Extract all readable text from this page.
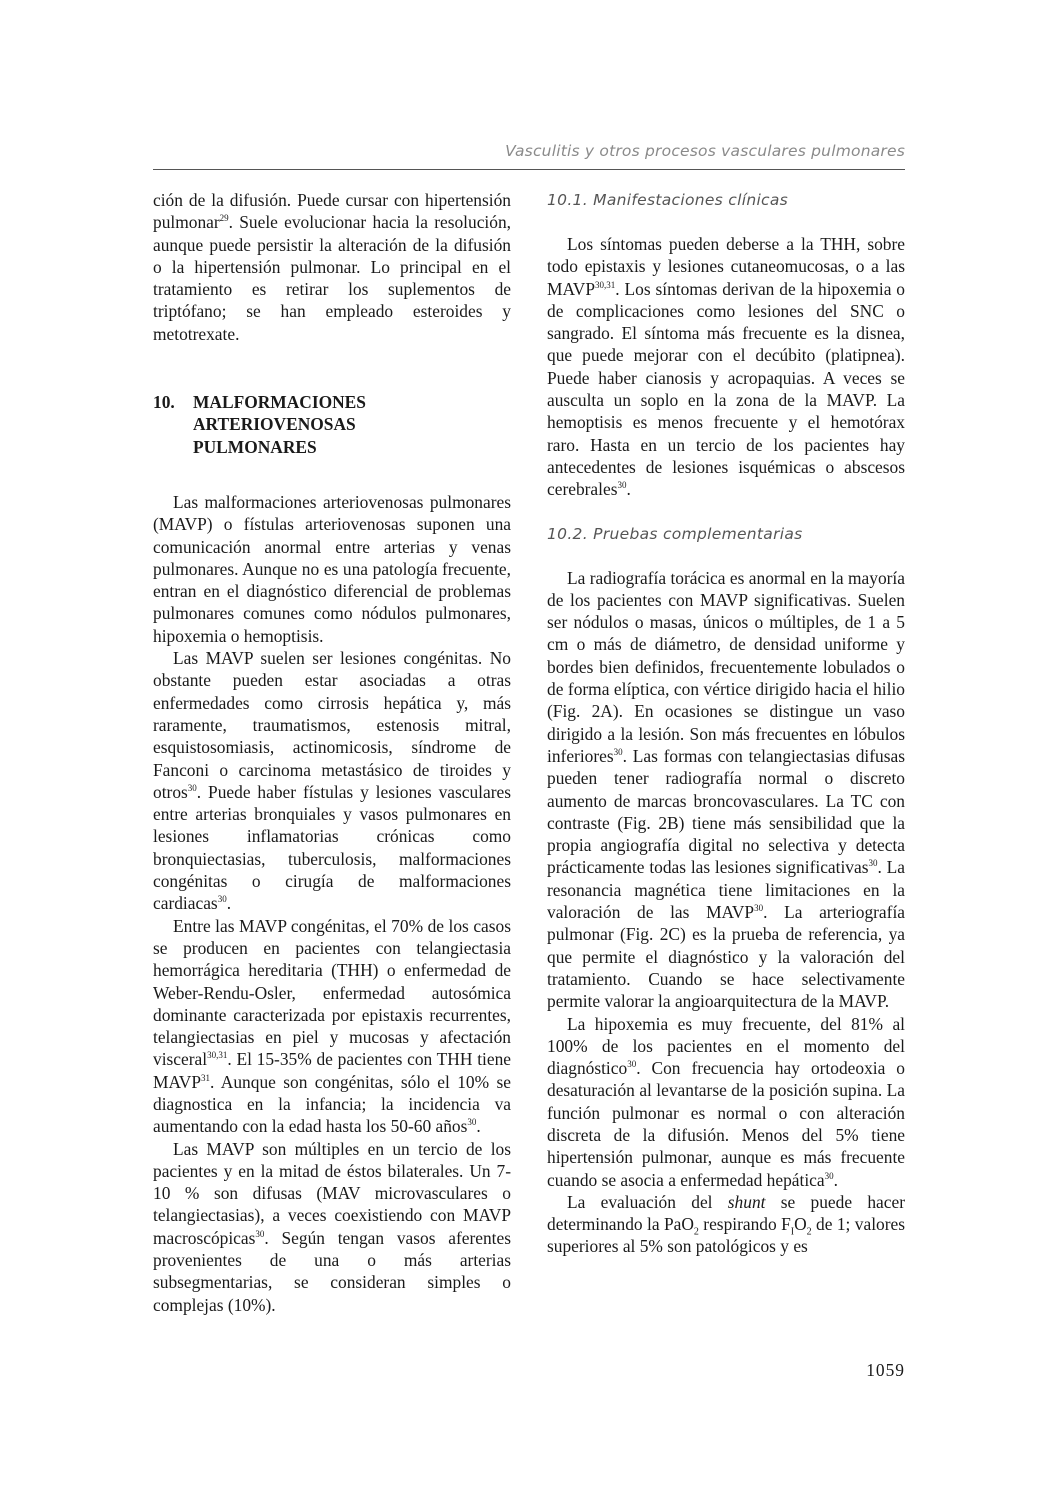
Vasculitis y otros procesos vasculares pulmonares

ción de la difusión. Puede cursar con hipertensión pulmonar$^{29}$. Suele evolucionar hacia la resolución, aunque puede persistir la alteración de la difusión o la hipertensión pulmonar. Lo principal en el tratamiento es retirar los suplementos de triptófano; se han empleado esteroides y metotrexate.

10.	MALFORMACIONES
ARTERIOVENOSAS
PULMONARES

Las malformaciones arteriovenosas pulmonares (MAVP) o fístulas arteriovenosas suponen una comunicación anormal entre arterias y venas pulmonares. Aunque no es una patología frecuente, entran en el diagnóstico diferencial de problemas pulmonares comunes como nódulos pulmonares, hipoxemia o hemoptisis.

Las MAVP suelen ser lesiones congénitas. No obstante pueden estar asociadas a otras enfermedades como cirrosis hepática y, más raramente, traumatismos, estenosis mitral, esquistosomiasis, actinomicosis, síndrome de Fanconi o carcinoma metastásico de tiroides y otros$^{30}$. Puede haber fístulas y lesiones vasculares entre arterias bronquiales y vasos pulmonares en lesiones inflamatorias crónicas como bronquiectasias, tuberculosis, malformaciones congénitas o cirugía de malformaciones cardiacas$^{30}$.

Entre las MAVP congénitas, el 70% de los casos se producen en pacientes con telangiectasia hemorrágica hereditaria (THH) o enfermedad de Weber-Rendu-Osler, enfermedad autosómica dominante caracterizada por epistaxis recurrentes, telangiectasias en piel y mucosas y afectación visceral$^{30,31}$. El 15-35% de pacientes con THH tiene MAVP$^{31}$. Aunque son congénitas, sólo el 10% se diagnostica en la infancia; la incidencia va aumentando con la edad hasta los 50-60 años$^{30}$.

Las MAVP son múltiples en un tercio de los pacientes y en la mitad de éstos bilaterales. Un 7-10 % son difusas (MAV microvasculares o telangiectasias), a veces coexistiendo con MAVP macroscópicas$^{30}$. Según tengan vasos aferentes provenientes de una o más arterias subsegmentarias, se consideran simples o complejas (10%).

10.1. Manifestaciones clínicas

Los síntomas pueden deberse a la THH, sobre todo epistaxis y lesiones cutaneomucosas, o a las MAVP$^{30,31}$. Los síntomas derivan de la hipoxemia o de complicaciones como lesiones del SNC o sangrado. El síntoma más frecuente es la disnea, que puede mejorar con el decúbito (platipnea). Puede haber cianosis y acropaquias. A veces se ausculta un soplo en la zona de la MAVP. La hemoptisis es menos frecuente y el hemotórax raro. Hasta en un tercio de los pacientes hay antecedentes de lesiones isquémicas o abscesos cerebrales$^{30}$.

10.2. Pruebas complementarias

La radiografía torácica es anormal en la mayoría de los pacientes con MAVP significativas. Suelen ser nódulos o masas, únicos o múltiples, de 1 a 5 cm o más de diámetro, de densidad uniforme y bordes bien definidos, frecuentemente lobulados o de forma elíptica, con vértice dirigido hacia el hilio (Fig. 2A). En ocasiones se distingue un vaso dirigido a la lesión. Son más frecuentes en lóbulos inferiores$^{30}$. Las formas con telangiectasias difusas pueden tener radiografía normal o discreto aumento de marcas broncovasculares. La TC con contraste (Fig. 2B) tiene más sensibilidad que la propia angiografía digital no selectiva y detecta prácticamente todas las lesiones significativas$^{30}$. La resonancia magnética tiene limitaciones en la valoración de las MAVP$^{30}$. La arteriografía pulmonar (Fig. 2C) es la prueba de referencia, ya que permite el diagnóstico y la valoración del tratamiento. Cuando se hace selectivamente permite valorar la angioarquitectura de la MAVP.

La hipoxemia es muy frecuente, del 81% al 100% de los pacientes en el momento del diagnóstico$^{30}$. Con frecuencia hay ortodeoxia o desaturación al levantarse de la posición supina. La función pulmonar es normal o con alteración discreta de la difusión. Menos del 5% tiene hipertensión pulmonar, aunque es más frecuente cuando se asocia a enfermedad hepática$^{30}$.

La evaluación del shunt se puede hacer determinando la PaO$_2$ respirando $F_IO_2$ de 1; valores superiores al 5% son patológicos y es

1059
